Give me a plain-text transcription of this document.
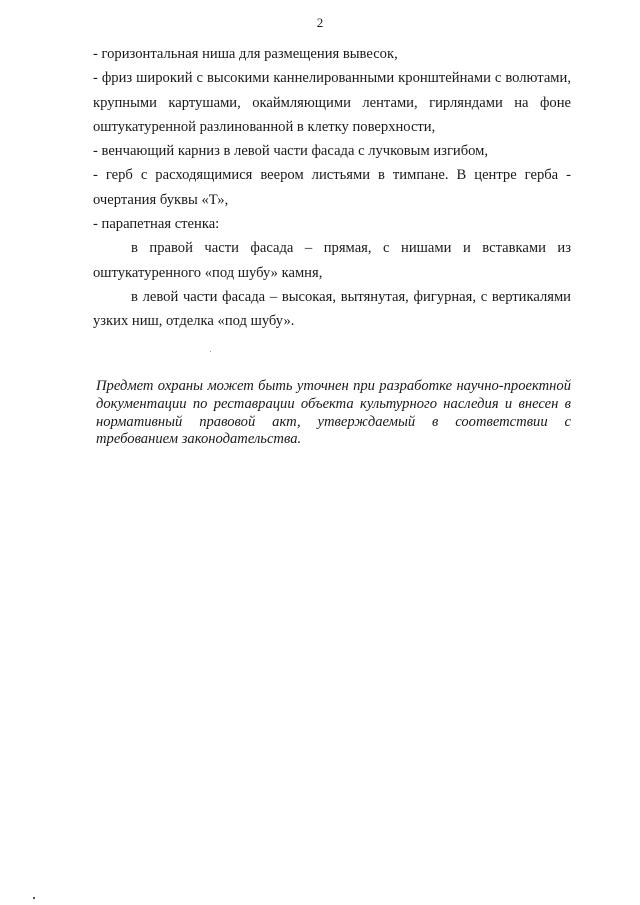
2

- горизонтальная ниша для размещения вывесок,

- фриз широкий с высокими каннелированными кронштейнами с волютами, крупными картушами, окаймляющими лентами, гирляндами на фоне оштукатуренной разлинованной в клетку поверхности,

- венчающий карниз в левой части фасада с лучковым изгибом,

- герб с расходящимися веером листьями в тимпане. В центре герба - очертания буквы «Т»,

- парапетная стенка:

в правой части фасада – прямая, с нишами и вставками из оштукатуренного «под шубу» камня,

в левой части фасада – высокая, вытянутая, фигурная, с вертикалями узких ниш, отделка «под шубу».

Предмет охраны может быть уточнен при разработке научно-проектной документации по реставрации объекта культурного наследия и внесен в нормативный правовой акт, утверждаемый в соответствии с требованием законодательства.
